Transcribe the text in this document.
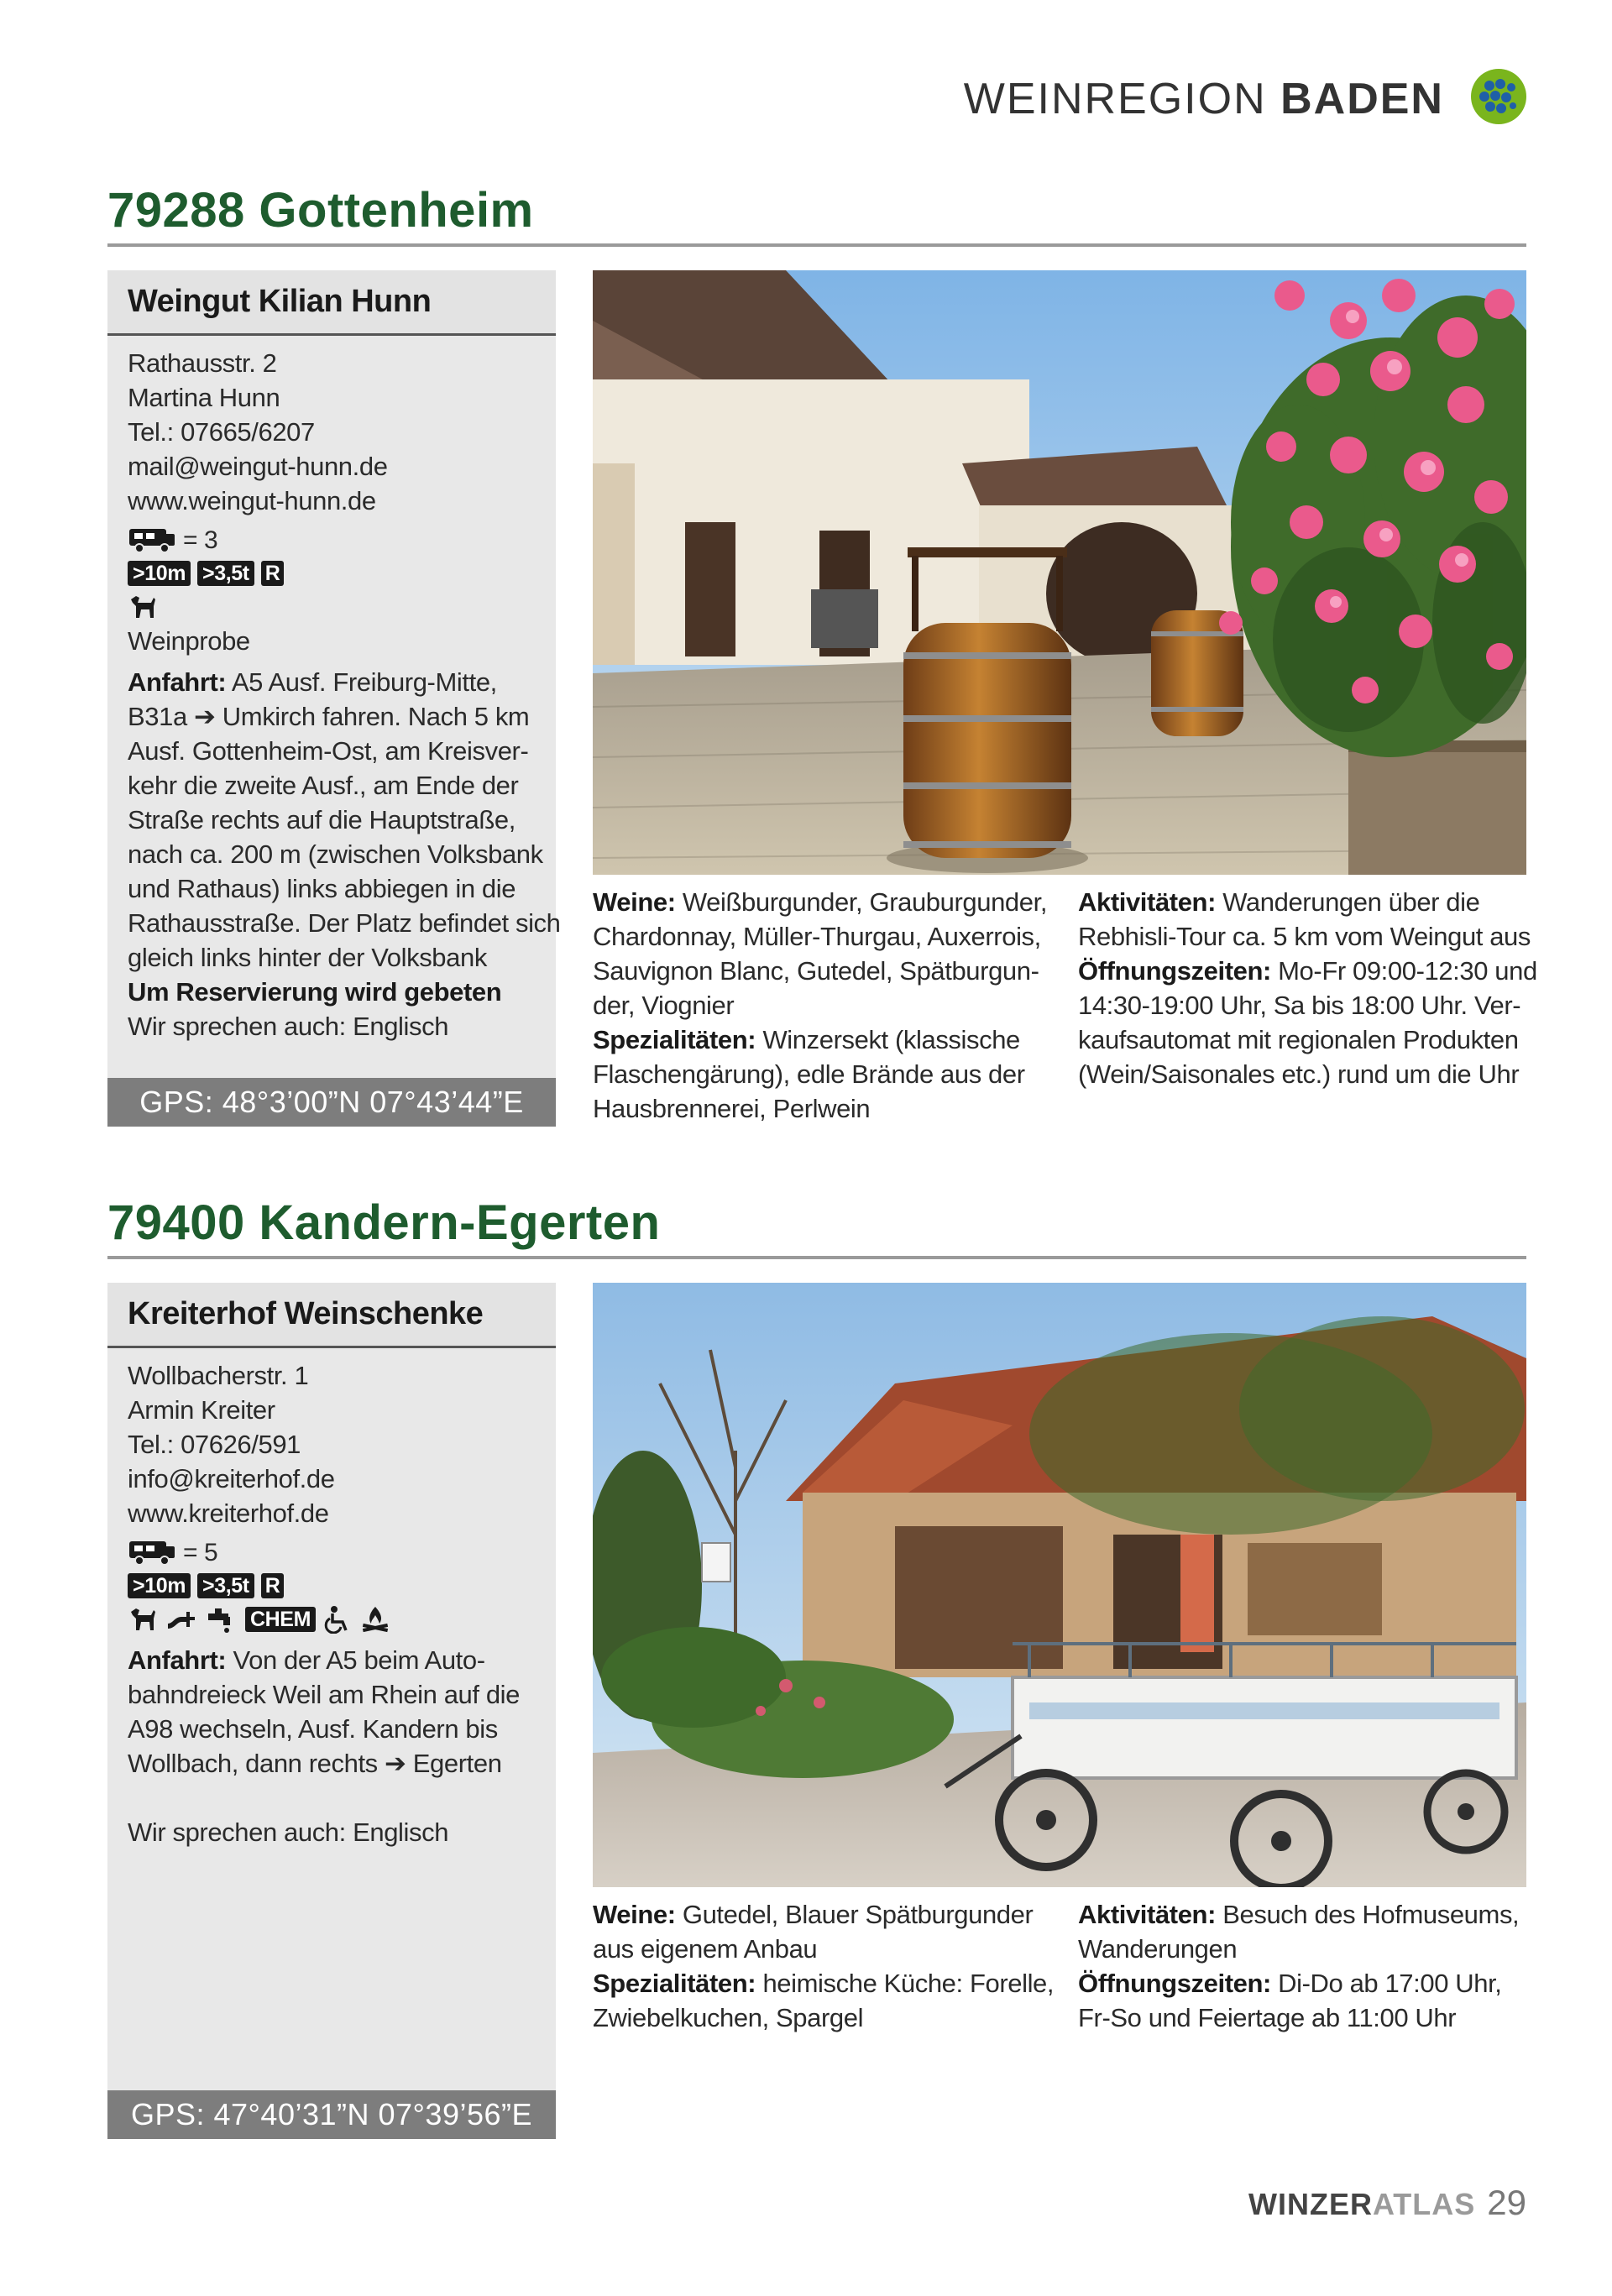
WEINREGION BADEN
79288 Gottenheim
Weingut Kilian Hunn
Rathausstr. 2
Martina Hunn
Tel.: 07665/6207
mail@weingut-hunn.de
www.weingut-hunn.de
= 3
>10m >3,5t R
Weinprobe
Anfahrt: A5 Ausf. Freiburg-Mitte,
B31a ➔ Umkirch fahren. Nach 5 km
Ausf. Gottenheim-Ost, am Kreisver-
kehr die zweite Ausf., am Ende der
Straße rechts auf die Hauptstraße,
nach ca. 200 m (zwischen Volksbank
und Rathaus) links abbiegen in die
Rathausstraße. Der Platz befindet sich
gleich links hinter der Volksbank
Um Reservierung wird gebeten
Wir sprechen auch: Englisch
GPS: 48°3’00”N 07°43’44”E
Weine: Weißburgunder, Grauburgunder,
Chardonnay, Müller-Thurgau, Auxerrois,
Sauvignon Blanc, Gutedel, Spätburgun-
der, Viognier
Spezialitäten: Winzersekt (klassische
Flaschengärung), edle Brände aus der
Hausbrennerei, Perlwein
Aktivitäten: Wanderungen über die
Rebhisli-Tour ca. 5 km vom Weingut aus
Öffnungszeiten: Mo-Fr 09:00-12:30 und
14:30-19:00 Uhr, Sa bis 18:00 Uhr. Ver-
kaufsautomat mit regionalen Produkten
(Wein/Saisonales etc.) rund um die Uhr
79400 Kandern-Egerten
Kreiterhof Weinschenke
Wollbacherstr. 1
Armin Kreiter
Tel.: 07626/591
info@kreiterhof.de
www.kreiterhof.de
= 5
>10m >3,5t R
CHEM
Anfahrt: Von der A5 beim Auto-
bahndreieck Weil am Rhein auf die
A98 wechseln, Ausf. Kandern bis
Wollbach, dann rechts ➔ Egerten
Wir sprechen auch: Englisch
GPS: 47°40’31”N 07°39’56”E
Weine: Gutedel, Blauer Spätburgunder
aus eigenem Anbau
Spezialitäten: heimische Küche: Forelle,
Zwiebelkuchen, Spargel
Aktivitäten: Besuch des Hofmuseums,
Wanderungen
Öffnungszeiten: Di-Do ab 17:00 Uhr,
Fr-So und Feiertage ab 11:00 Uhr
WINZERATLAS 29
